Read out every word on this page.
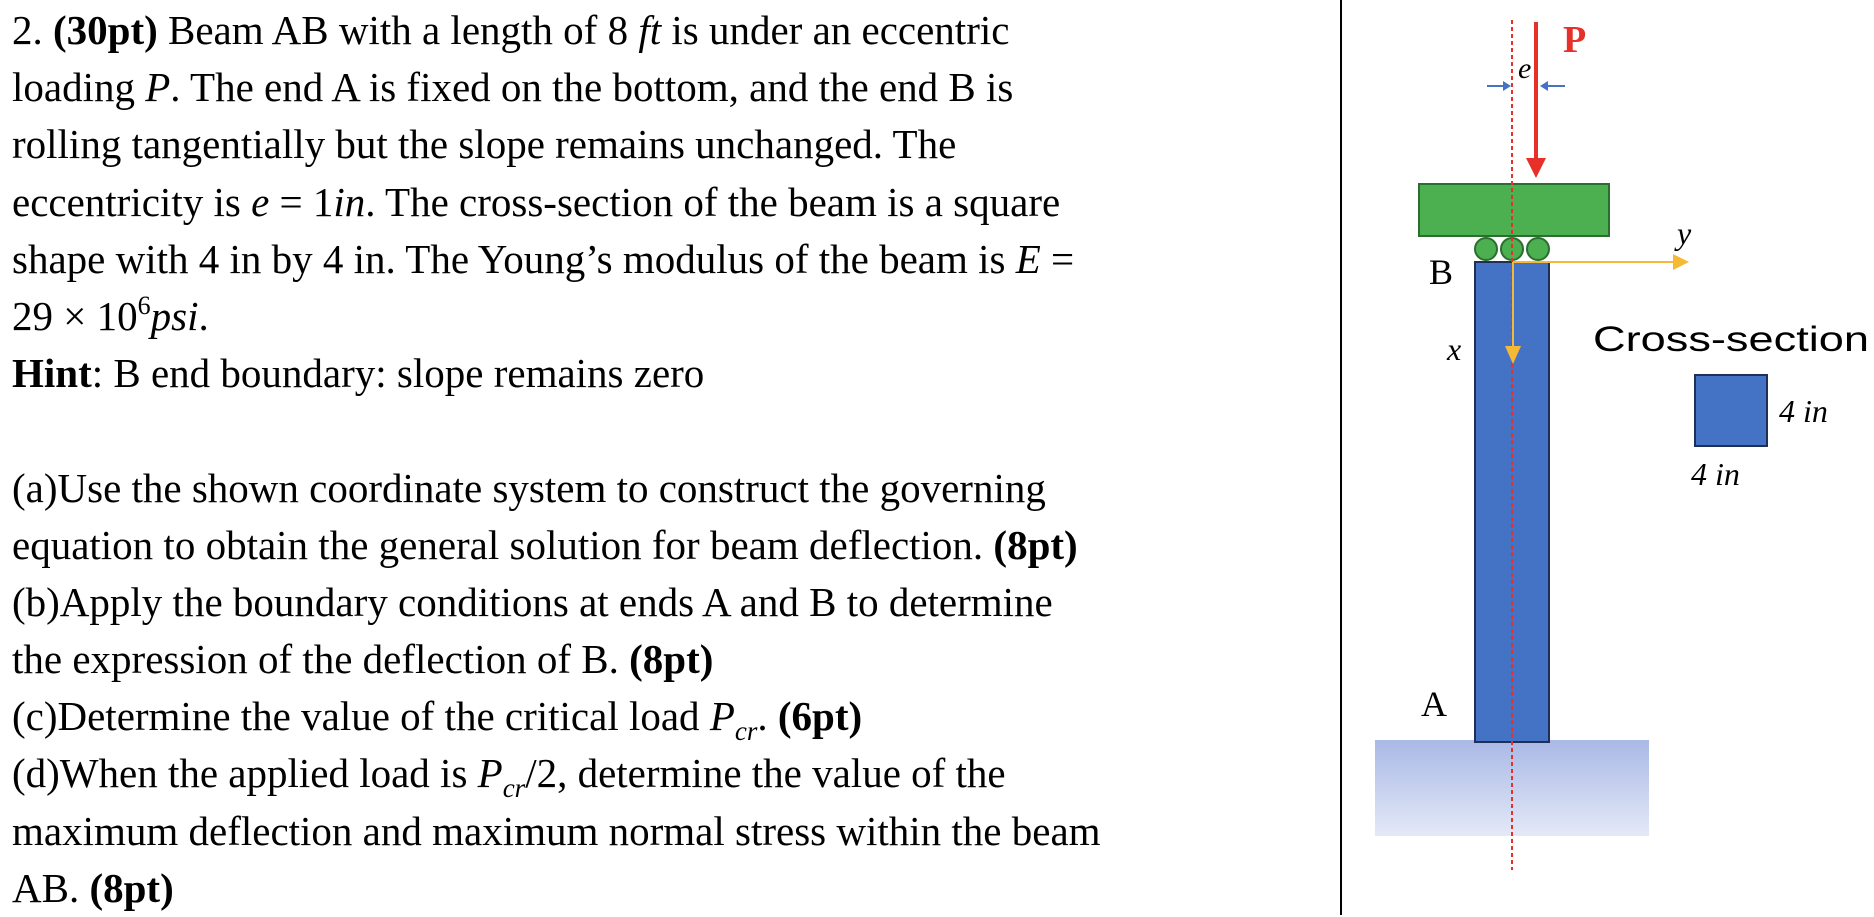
2. (30pt) Beam AB with a length of 8 ft is under an eccentric
loading P. The end A is fixed on the bottom, and the end B is
rolling tangentially but the slope remains unchanged. The
eccentricity is e = 1in. The cross-section of the beam is a square
shape with 4 in by 4 in. The Young’s modulus of the beam is E =
$29 \times 10^6psi$.
Hint: B end boundary: slope remains zero
(a)Use the shown coordinate system to construct the governing
equation to obtain the general solution for beam deflection. (8pt)
(b)Apply the boundary conditions at ends A and B to determine
the expression of the deflection of B. (8pt)
(c)Determine the value of the critical load $P_{cr}$. (6pt)
(d)When the applied load is $P_{cr}/2$, determine the value of the
maximum deflection and maximum normal stress within the beam
AB. (8pt)
P
e
B
A
x
y
Cross-section
4 in
4 in
